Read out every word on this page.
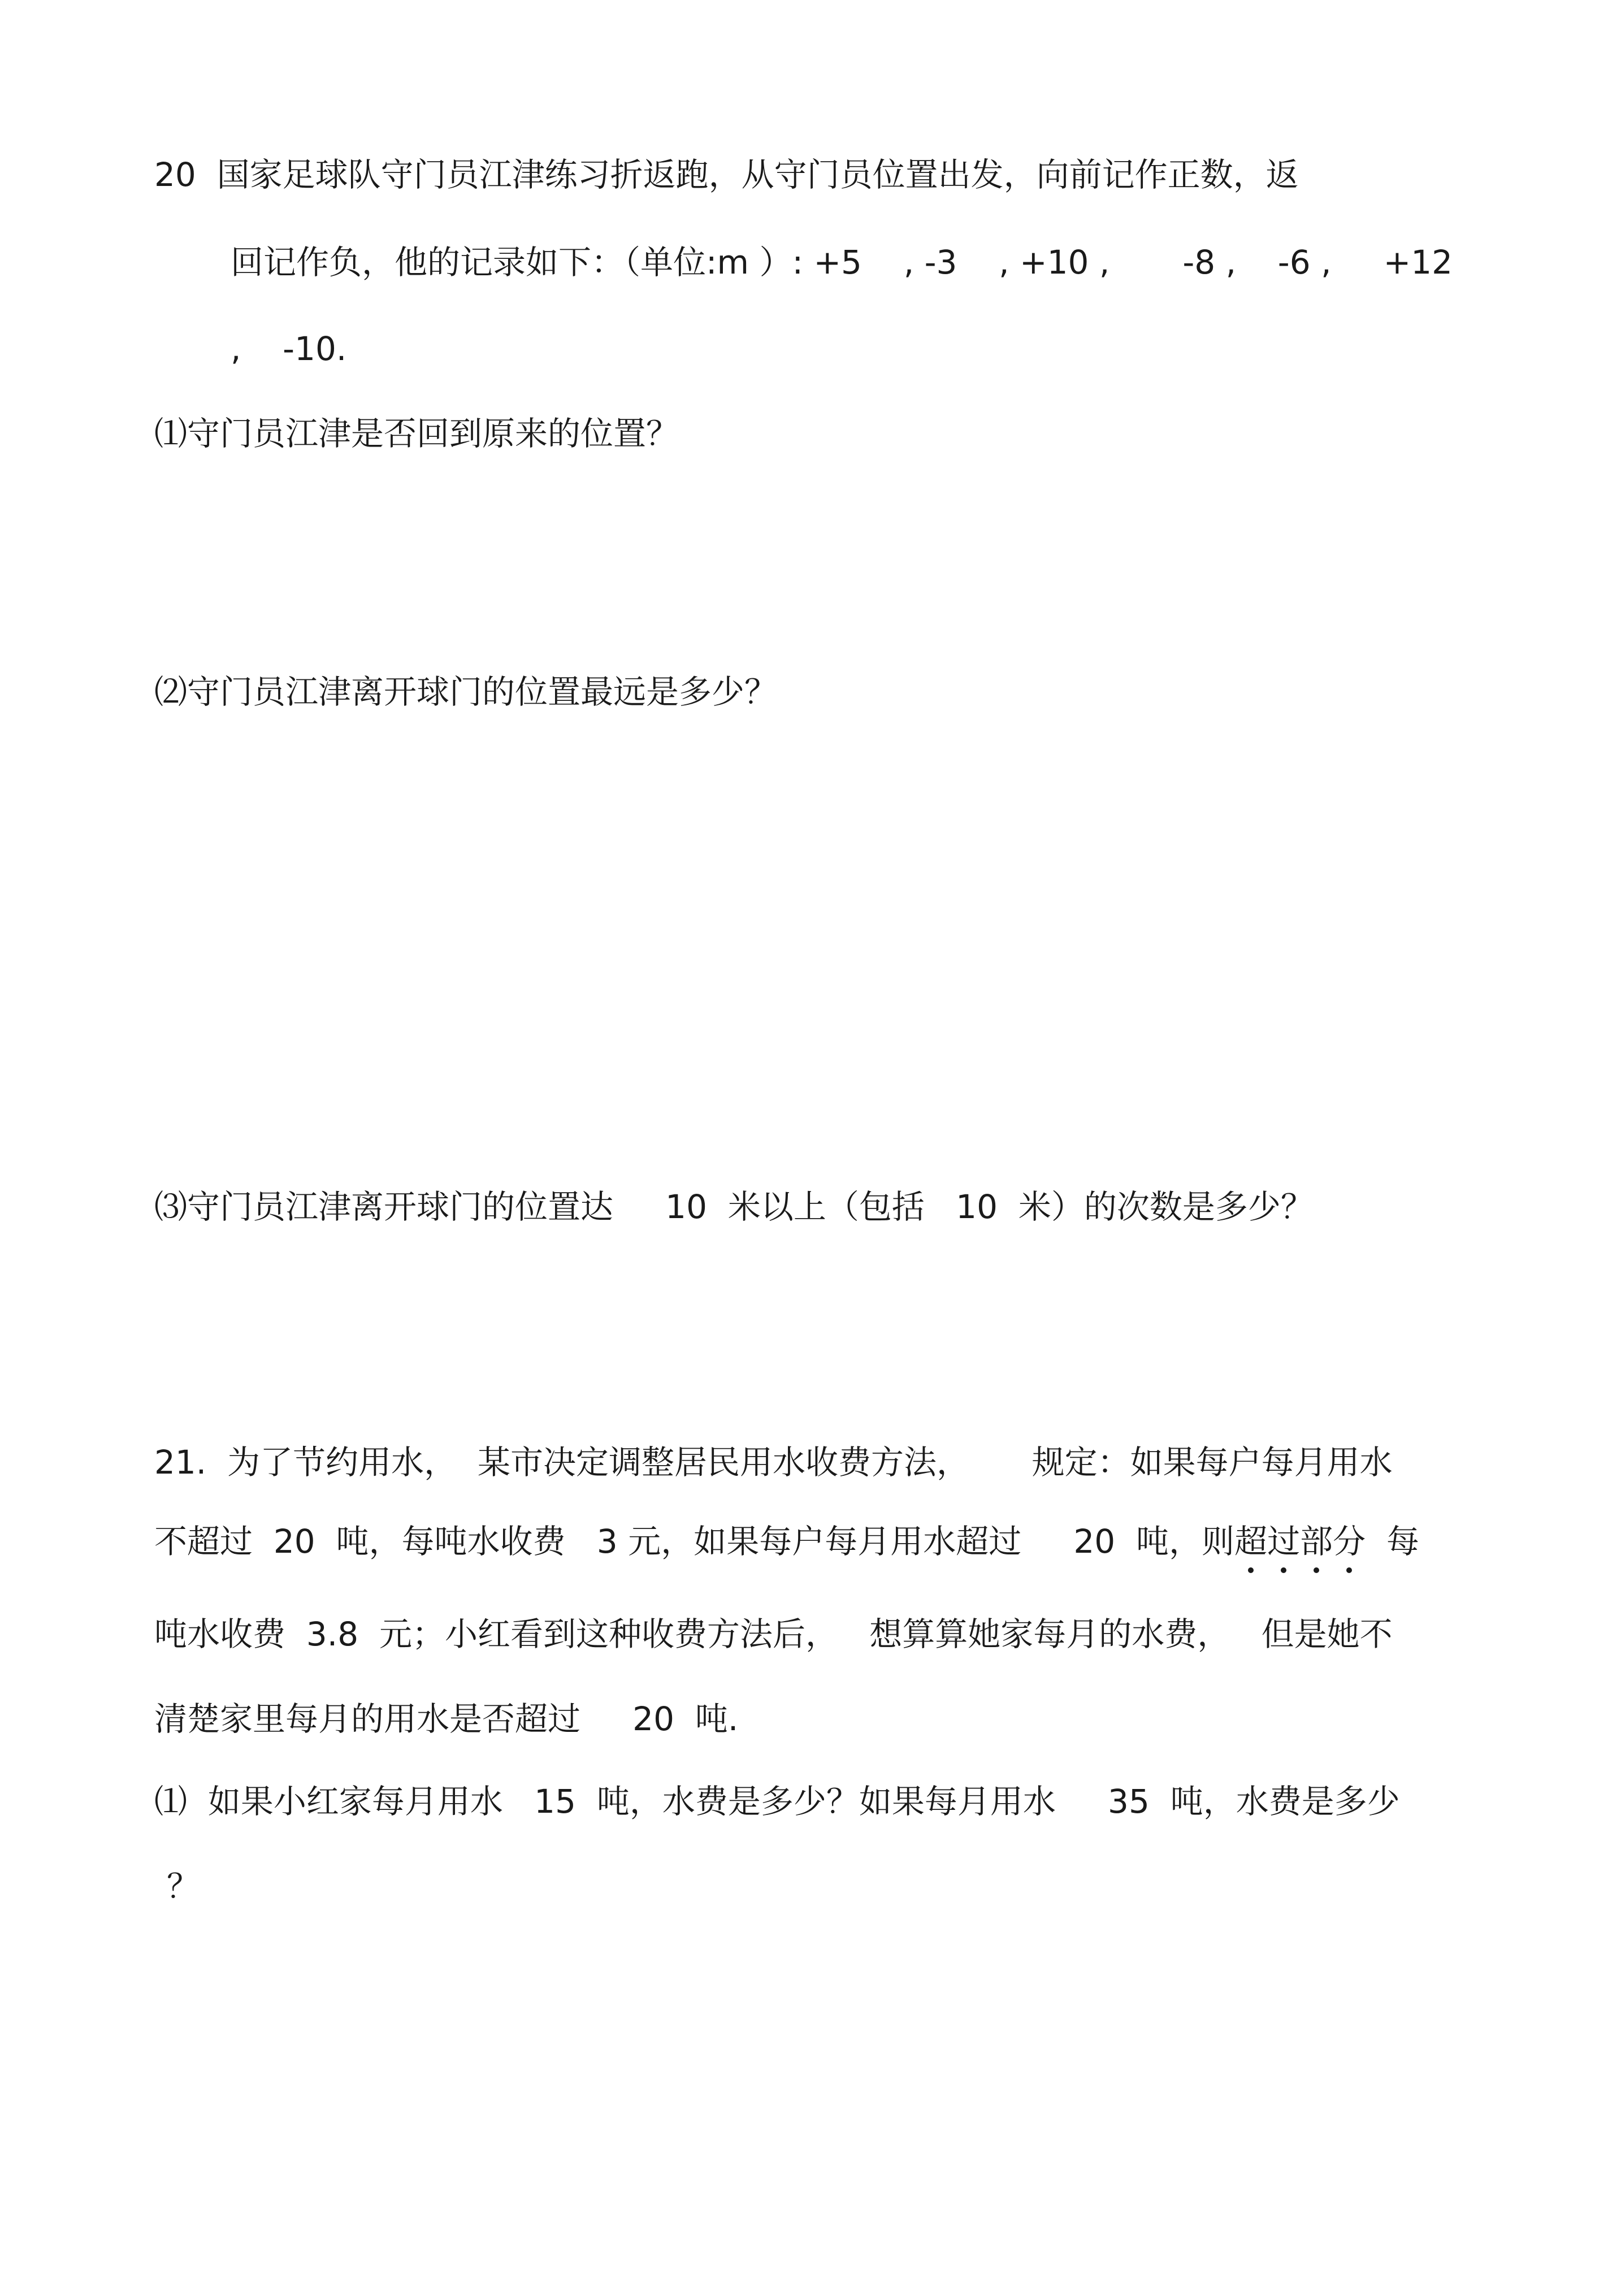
20  国家足球队守门员江津练习折返跑，从守门员位置出发，向前记作正数，返
回记作负，他的记录如下：（单位:m ）: +5    , -3    , +10 ,       -8 ,    -6 ,     +12
,    -10.
⑴守门员江津是否回到原来的位置？
⑵守门员江津离开球门的位置最远是多少？
⑶守门员江津离开球门的位置达     10  米以上（包括   10  米）的次数是多少？
21.  为了节约用水，  某市决定调整居民用水收费方法，      规定：如果每户每月用水
不超过  20  吨，每吨水收费   3 元，如果每户每月用水超过     20  吨，则超
过
部
分
每
吨水收费  3.8  元；小红看到这种收费方法后，   想算算她家每月的水费，   但是她不
清楚家里每月的用水是否超过     20  吨.
⑴  如果小红家每月用水   15  吨，水费是多少？如果每月用水     35  吨，水费是多少
？
